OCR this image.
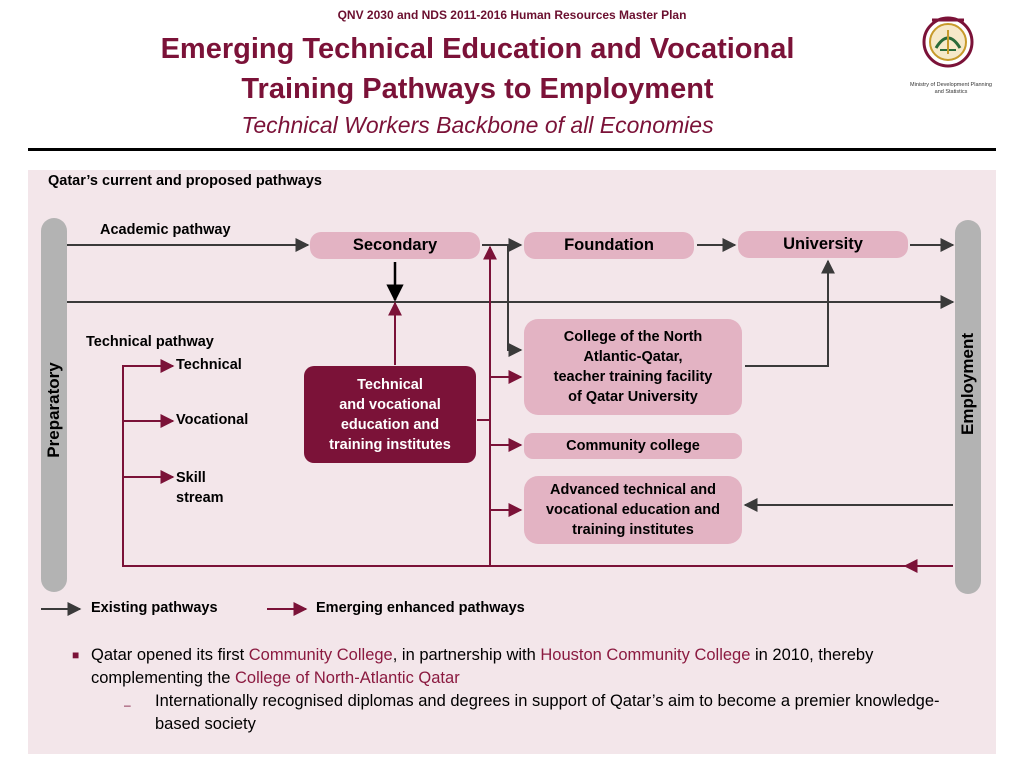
QNV 2030 and NDS 2011-2016 Human Resources Master Plan
Emerging Technical Education and Vocational
Training Pathways to Employment
Technical Workers Backbone of all Economies
Ministry of Development Planning and Statistics
Qatar’s current and proposed pathways
Preparatory	Employment
Academic pathway
Technical pathway
Technical
Vocational
Skill
stream
Secondary	Foundation	University
Technical
and vocational
education and
training institutes
College of the North
Atlantic-Qatar,
teacher training facility
of Qatar University
Community college
Advanced technical and
vocational education and
training institutes
Existing pathways	Emerging enhanced pathways
■ Qatar opened its first Community College, in partnership with Houston Community College in 2010, thereby complementing the College of North-Atlantic Qatar
– Internationally recognised diplomas and degrees in support of Qatar’s aim to become a premier knowledge-based society
